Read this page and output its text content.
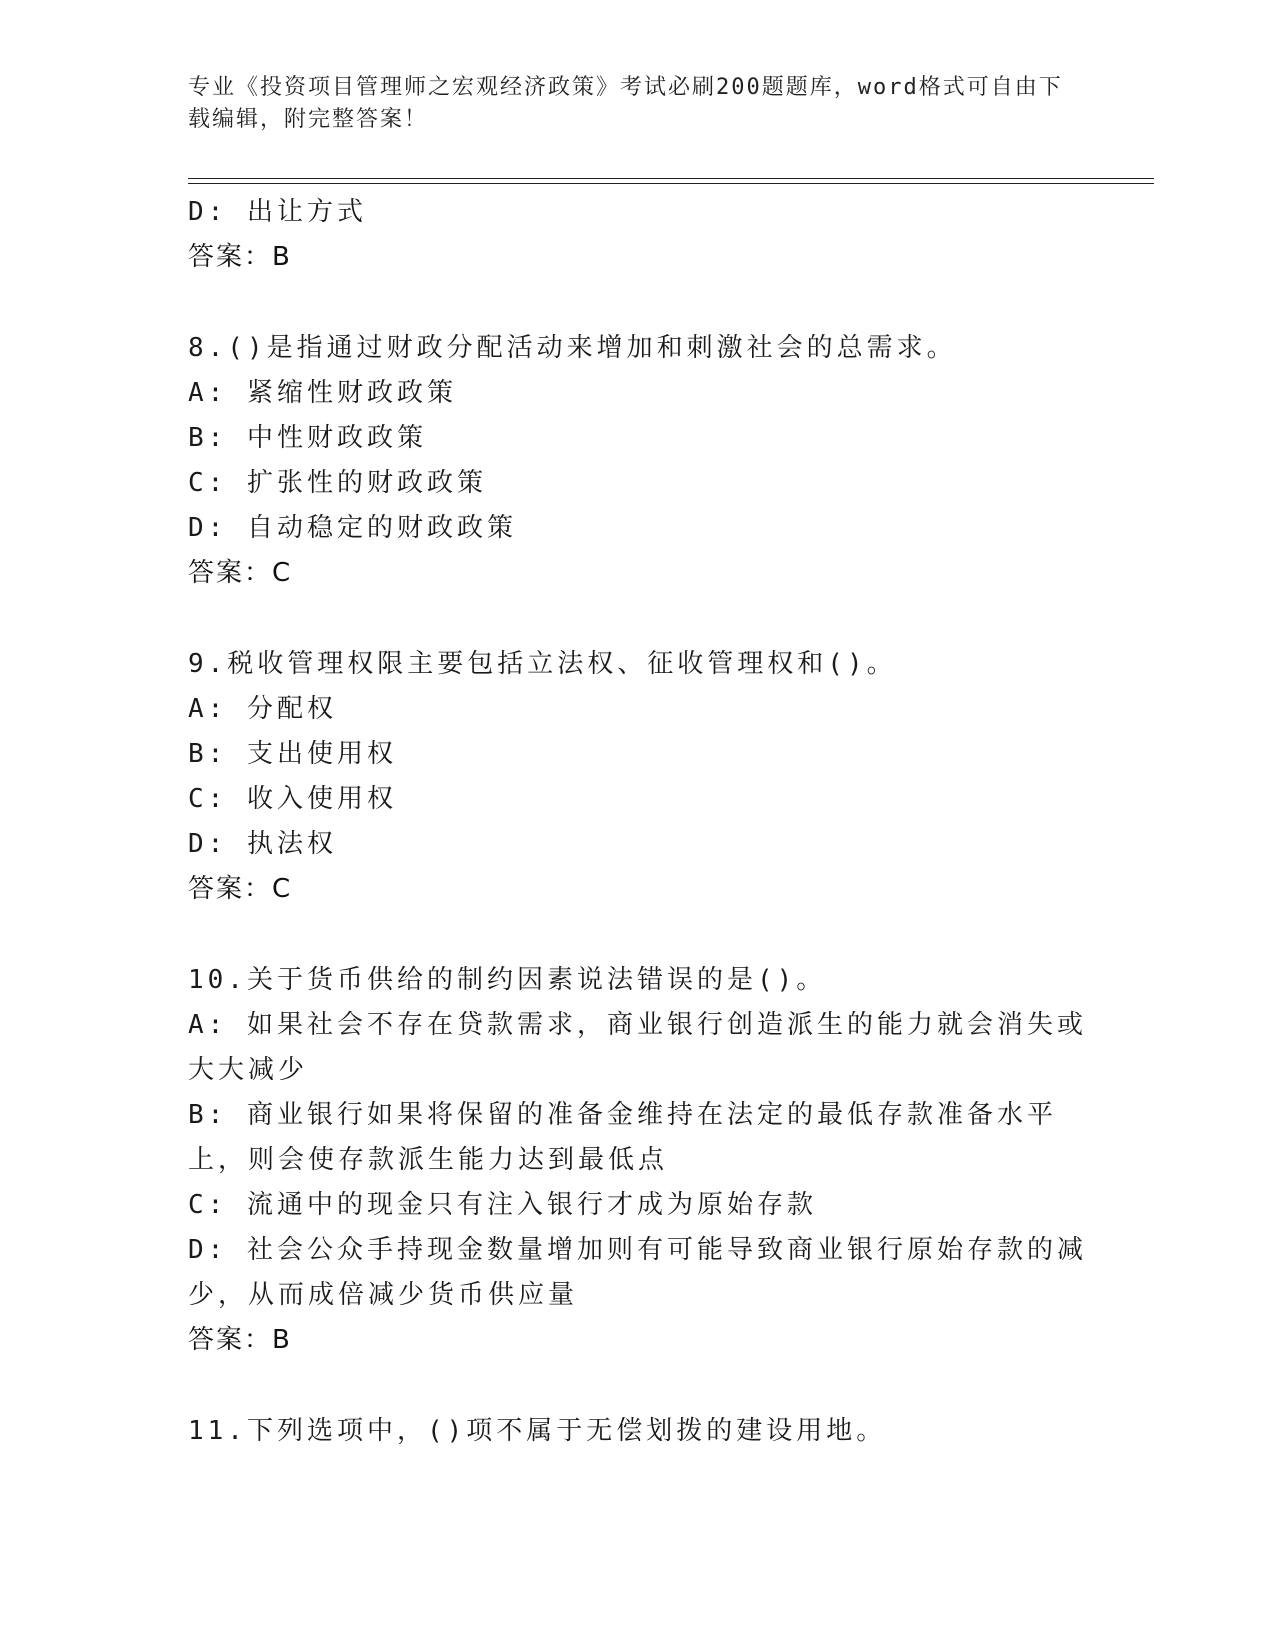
专业《投资项目管理师之宏观经济政策》考试必刷200题题库，word格式可自由下载编辑，附完整答案！
D: 出让方式
答案：B
8.()是指通过财政分配活动来增加和刺激社会的总需求。
A: 紧缩性财政政策
B: 中性财政政策
C: 扩张性的财政政策
D: 自动稳定的财政政策
答案：C
9.税收管理权限主要包括立法权、征收管理权和()。
A: 分配权
B: 支出使用权
C: 收入使用权
D: 执法权
答案：C
10.关于货币供给的制约因素说法错误的是()。
A: 如果社会不存在贷款需求，商业银行创造派生的能力就会消失或大大减少
B: 商业银行如果将保留的准备金维持在法定的最低存款准备水平上，则会使存款派生能力达到最低点
C: 流通中的现金只有注入银行才成为原始存款
D: 社会公众手持现金数量增加则有可能导致商业银行原始存款的减少，从而成倍减少货币供应量
答案：B
11.下列选项中，()项不属于无偿划拨的建设用地。
